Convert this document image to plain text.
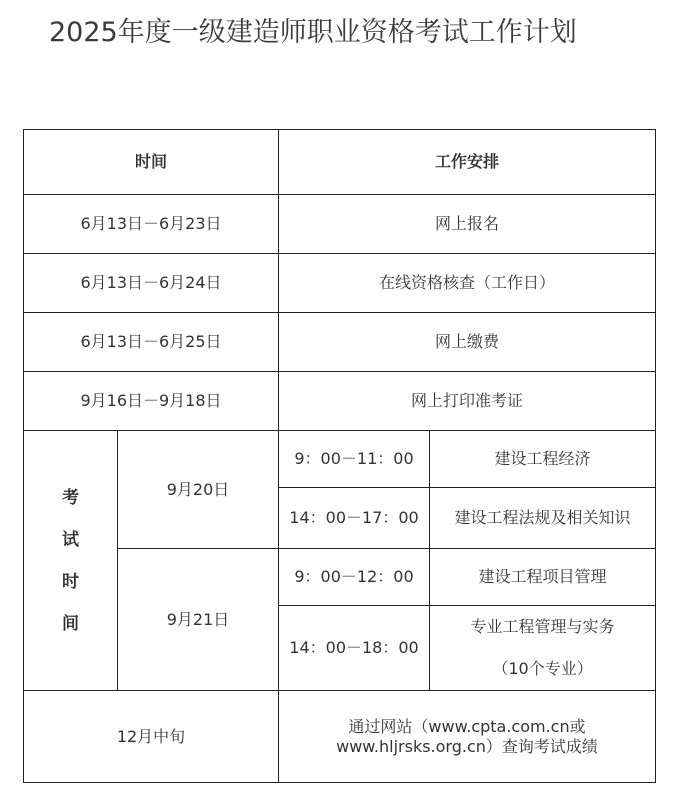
2025年度一级建造师职业资格考试工作计划
时间		工作安排	
6月13日－6月23日		网上报名	
6月13日－6月24日		在线资格核查（工作日）	
6月13日－6月25日		网上缴费	
9月16日－9月18日		网上打印准考证	

考试时间	9月20日	9：00－11：00	建设工程经济
		14：00－17：00	建设工程法规及相关知识
	9月21日	9：00－12：00	建设工程项目管理
		14：00－18：00	专业工程管理与实务
（10个专业）

12月中旬		通过网站（www.cpta.com.cn或
www.hljrsks.org.cn）查询考试成绩	
